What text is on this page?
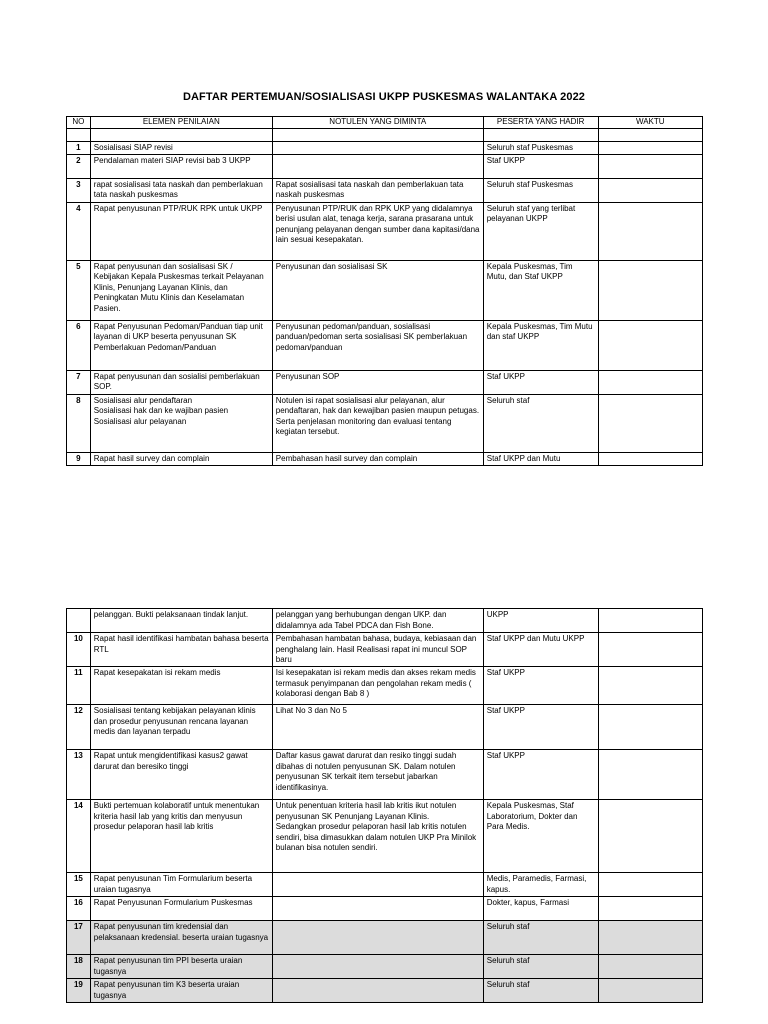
DAFTAR PERTEMUAN/SOSIALISASI UKPP PUSKESMAS WALANTAKA 2022
NO	ELEMEN PENILAIAN	NOTULEN YANG DIMINTA	PESERTA YANG HADIR	WAKTU

1	Sosialisasi SIAP revisi		Seluruh staf Puskesmas	
2	Pendalaman materi SIAP revisi bab 3 UKPP		Staf UKPP	
3	rapat sosialisasi tata naskah dan pemberlakuan tata naskah puskesmas	Rapat sosialisasi tata naskah dan pemberlakuan tata naskah puskesmas	Seluruh staf Puskesmas	
4	Rapat penyusunan PTP/RUK RPK untuk UKPP	Penyusunan PTP/RUK dan RPK UKP yang didalamnya berisi usulan alat, tenaga kerja, sarana prasarana untuk penunjang pelayanan dengan sumber dana kapitasi/dana lain sesuai kesepakatan.	Seluruh staf yang terlibat pelayanan UKPP	
5	Rapat penyusunan dan sosialisasi SK / Kebijakan Kepala Puskesmas terkait Pelayanan Klinis, Penunjang Layanan Klinis, dan Peningkatan Mutu Klinis dan Keselamatan Pasien.	Penyusunan dan sosialisasi SK	Kepala Puskesmas, Tim Mutu, dan Staf UKPP	
6	Rapat Penyusunan Pedoman/Panduan tiap unit layanan di UKP beserta penyusunan SK Pemberlakuan Pedoman/Panduan	Penyusunan pedoman/panduan, sosialisasi panduan/pedoman serta sosialisasi SK pemberlakuan pedoman/panduan	Kepala Puskesmas, Tim Mutu dan staf UKPP	
7	Rapat penyusunan dan sosialisi pemberlakuan SOP.	Penyusunan SOP	Staf UKPP	
8	Sosialisasi alur pendaftaran
Sosialisasi hak dan ke wajiban pasien
Sosialisasi alur pelayanan	Notulen isi rapat sosialisasi alur pelayanan, alur pendaftaran, hak dan kewajiban pasien maupun petugas.
Serta penjelasan monitoring dan evaluasi tentang kegiatan tersebut.	Seluruh staf	
9	Rapat hasil survey dan complain	Pembahasan hasil survey dan complain	Staf UKPP dan Mutu	
	pelanggan. Bukti pelaksanaan tindak lanjut.	pelanggan yang berhubungan dengan UKP. dan didalamnya ada Tabel PDCA dan Fish Bone.	UKPP	
10	Rapat hasil identifikasi hambatan bahasa beserta RTL	Pembahasan hambatan bahasa, budaya, kebiasaan dan penghalang lain. Hasil Realisasi rapat ini muncul SOP baru	Staf UKPP dan Mutu UKPP	
11	Rapat kesepakatan isi rekam medis	Isi kesepakatan isi rekam medis dan akses rekam medis termasuk penyimpanan dan pengolahan rekam medis ( kolaborasi dengan Bab 8 )	Staf UKPP	
12	Sosialisasi tentang kebijakan pelayanan klinis dan prosedur penyusunan rencana layanan medis dan layanan terpadu	Lihat No 3 dan No 5	Staf UKPP	
13	Rapat untuk mengidentifikasi kasus2 gawat darurat dan beresiko tinggi	Daftar kasus gawat darurat dan resiko tinggi sudah dibahas di notulen penyusunan SK. Dalam notulen penyusunan SK terkait item tersebut jabarkan identifikasinya.	Staf UKPP	
14	Bukti pertemuan kolaboratif untuk menentukan kriteria hasil lab yang kritis dan menyusun prosedur pelaporan hasil lab kritis	Untuk penentuan kriteria hasil lab kritis ikut notulen penyusunan SK Penunjang Layanan Klinis.
Sedangkan prosedur pelaporan hasil lab kritis notulen sendiri, bisa dimasukkan dalam notulen UKP Pra Minilok bulanan bisa notulen sendiri.	Kepala Puskesmas, Staf Laboratorium, Dokter dan Para Medis.	
15	Rapat penyusunan Tim Formularium beserta uraian tugasnya		Medis, Paramedis, Farmasi, kapus.	
16	Rapat Penyusunan Formularium Puskesmas		Dokter, kapus, Farmasi	
17	Rapat penyusunan tim kredensial dan pelaksanaan kredensial. beserta uraian tugasnya		Seluruh staf	
18	Rapat penyusunan tim PPI beserta uraian tugasnya		Seluruh staf	
19	Rapat penyusunan tim K3 beserta uraian tugasnya		Seluruh staf	
